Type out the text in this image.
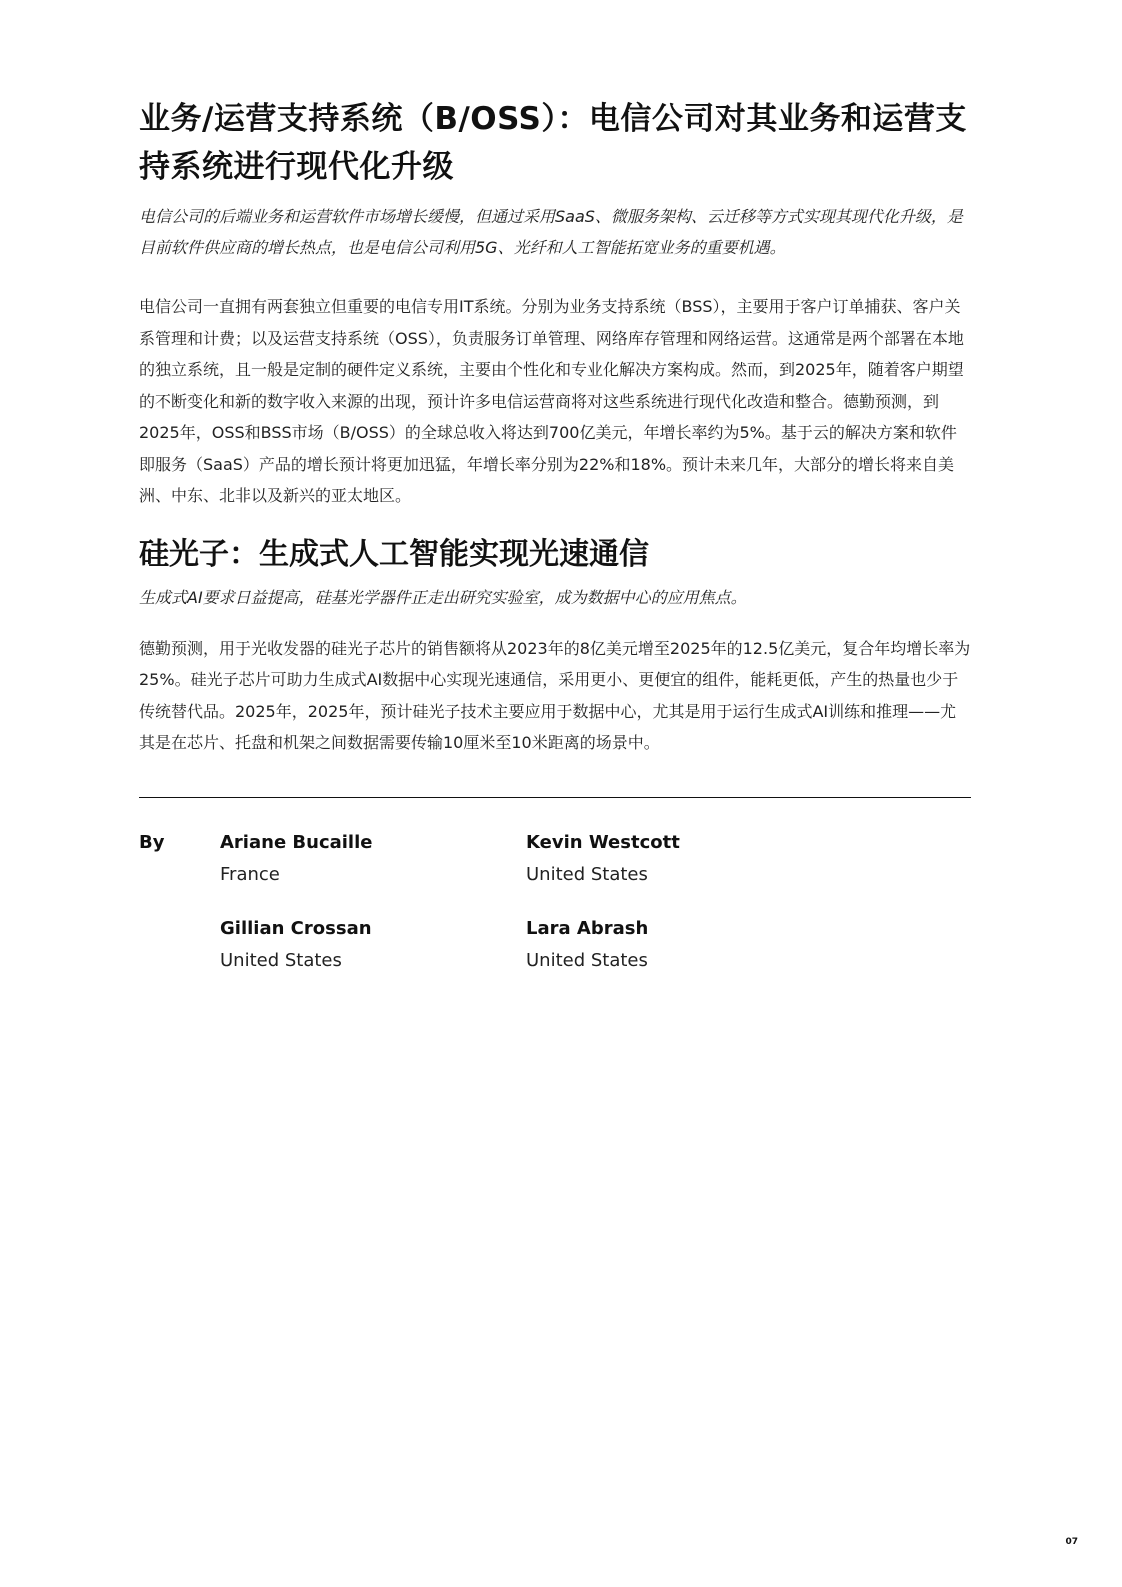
业务/运营支持系统（B/OSS）：电信公司对其业务和运营支持系统进行现代化升级

电信公司的后端业务和运营软件市场增长缓慢，但通过采用SaaS、微服务架构、云迁移等方式实现其现代化升级，是目前软件供应商的增长热点，也是电信公司利用5G、光纤和人工智能拓宽业务的重要机遇。

电信公司一直拥有两套独立但重要的电信专用IT系统。分别为业务支持系统（BSS），主要用于客户订单捕获、客户关系管理和计费；以及运营支持系统（OSS），负责服务订单管理、网络库存管理和网络运营。这通常是两个部署在本地的独立系统，且一般是定制的硬件定义系统，主要由个性化和专业化解决方案构成。然而，到2025年，随着客户期望的不断变化和新的数字收入来源的出现，预计许多电信运营商将对这些系统进行现代化改造和整合。德勤预测，到2025年，OSS和BSS市场（B/OSS）的全球总收入将达到700亿美元，年增长率约为5%。基于云的解决方案和软件即服务（SaaS）产品的增长预计将更加迅猛，年增长率分别为22%和18%。预计未来几年，大部分的增长将来自美洲、中东、北非以及新兴的亚太地区。

硅光子：生成式人工智能实现光速通信

生成式AI要求日益提高，硅基光学器件正走出研究实验室，成为数据中心的应用焦点。

德勤预测，用于光收发器的硅光子芯片的销售额将从2023年的8亿美元增至2025年的12.5亿美元，复合年均增长率为25%。硅光子芯片可助力生成式AI数据中心实现光速通信，采用更小、更便宜的组件，能耗更低，产生的热量也少于传统替代品。2025年，2025年，预计硅光子技术主要应用于数据中心，尤其是用于运行生成式AI训练和推理——尤其是在芯片、托盘和机架之间数据需要传输10厘米至10米距离的场景中。

By	Ariane Bucaille
France
Kevin Westcott
United States
Gillian Crossan
United States
Lara Abrash
United States
07
